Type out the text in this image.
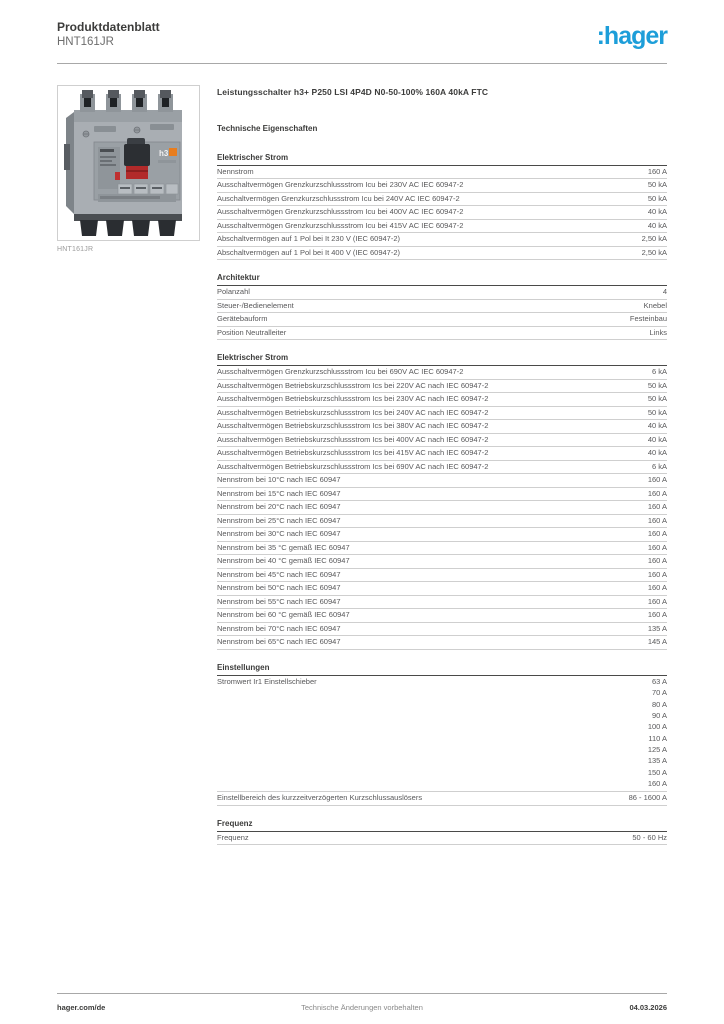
Produktdatenblatt
HNT161JR	:hager
h3
HNT161JR
Leistungsschalter h3+ P250 LSI 4P4D N0-50-100% 160A 40kA FTC
Technische Eigenschaften
Elektrischer Strom
Nennstrom	160 A
Ausschaltvermögen Grenzkurzschlussstrom Icu bei 230V AC IEC 60947-2	50 kA
Auschaltvermögen Grenzkurzschlussstrom Icu bei 240V AC IEC 60947-2	50 kA
Ausschaltvermögen Grenzkurzschlussstrom Icu bei 400V AC IEC 60947-2	40 kA
Ausschaltvermögen Grenzkurzschlussstrom Icu bei 415V AC IEC 60947-2	40 kA
Abschaltvermögen auf 1 Pol bei It 230 V (IEC 60947-2)	2,50 kA
Abschaltvermögen auf 1 Pol bei It 400 V (IEC 60947-2)	2,50 kA
Architektur
Polanzahl	4
Steuer-/Bedienelement	Knebel
Gerätebauform	Festeinbau
Position Neutralleiter	Links
Elektrischer Strom
Ausschaltvermögen Grenzkurzschlussstrom Icu bei 690V AC IEC 60947-2	6 kA
Ausschaltvermögen Betriebskurzschlussstrom Ics bei 220V AC nach IEC 60947-2	50 kA
Ausschaltvermögen Betriebskurzschlussstrom Ics bei 230V AC nach IEC 60947-2	50 kA
Ausschaltvermögen Betriebskurzschlussstrom Ics bei 240V AC nach IEC 60947-2	50 kA
Ausschaltvermögen Betriebskurzschlussstrom Ics bei 380V AC nach IEC 60947-2	40 kA
Ausschaltvermögen Betriebskurzschlussstrom Ics bei 400V AC nach IEC 60947-2	40 kA
Ausschaltvermögen Betriebskurzschlussstrom Ics bei 415V AC nach IEC 60947-2	40 kA
Ausschaltvermögen Betriebskurzschlussstrom Ics bei 690V AC nach IEC 60947-2	6 kA
Nennstrom bei 10°C nach IEC 60947	160 A
Nennstrom bei 15°C nach IEC 60947	160 A
Nennstrom bei 20°C nach IEC 60947	160 A
Nennstrom bei 25°C nach IEC 60947	160 A
Nennstrom bei 30°C nach IEC 60947	160 A
Nennstrom bei 35 °C gemäß IEC 60947	160 A
Nennstrom bei 40 °C gemäß IEC 60947	160 A
Nennstrom bei 45°C nach IEC 60947	160 A
Nennstrom bei 50°C nach IEC 60947	160 A
Nennstrom bei 55°C nach IEC 60947	160 A
Nennstrom bei 60 °C gemäß IEC 60947	160 A
Nennstrom bei 70°C nach IEC 60947	135 A
Nennstrom bei 65°C nach IEC 60947	145 A
Einstellungen
Stromwert Ir1 Einstellschieber	63 A
70 A
80 A
90 A
100 A
110 A
125 A
135 A
150 A
160 A
Einstellbereich des kurzzeitverzögerten Kurzschlussauslösers	86 - 1600 A
Frequenz
Frequenz	50 - 60 Hz
hager.com/de	Technische Änderungen vorbehalten	04.03.2026
